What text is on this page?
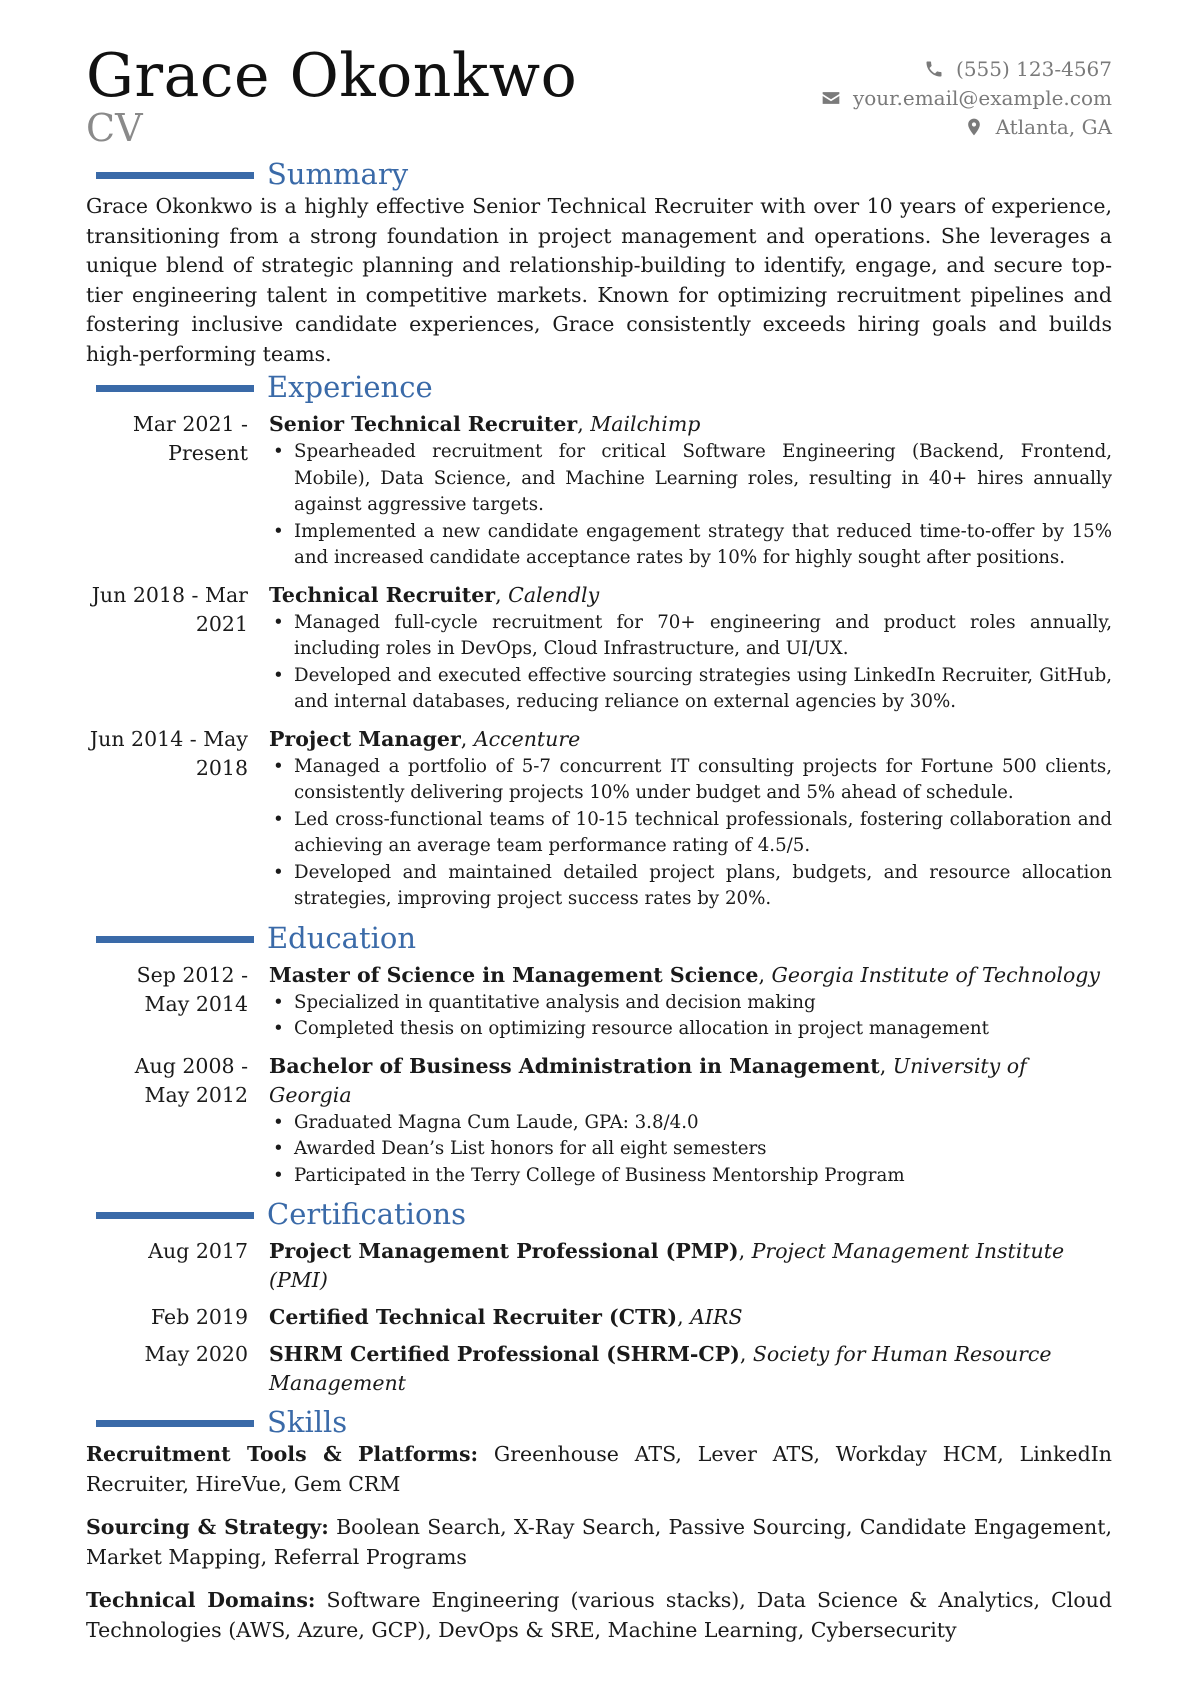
Grace Okonkwo
CV
(555) 123-4567
your.email@example.com
Atlanta, GA
Summary

Grace Okonkwo is a highly effective Senior Technical Recruiter with over 10 years of experience, transitioning from a strong foundation in project management and operations. She leverages a unique blend of strategic planning and relationship-building to identify, engage, and secure top-tier engineering talent in competitive markets. Known for optimizing recruitment pipelines and fostering inclusive candidate experiences, Grace consistently exceeds hiring goals and builds high-performing teams.

Experience
Mar 2021 - Present
Senior Technical Recruiter, Mailchimp
• Spearheaded recruitment for critical Software Engineering (Backend, Frontend, Mobile), Data Science, and Machine Learning roles, resulting in 40+ hires annually against aggressive targets.
• Implemented a new candidate engagement strategy that reduced time-to-offer by 15% and increased candidate acceptance rates by 10% for highly sought after positions.
Jun 2018 - Mar 2021
Technical Recruiter, Calendly
• Managed full-cycle recruitment for 70+ engineering and product roles annually, including roles in DevOps, Cloud Infrastructure, and UI/UX.
• Developed and executed effective sourcing strategies using LinkedIn Recruiter, GitHub, and internal databases, reducing reliance on external agencies by 30%.
Jun 2014 - May 2018
Project Manager, Accenture
• Managed a portfolio of 5-7 concurrent IT consulting projects for Fortune 500 clients, consistently delivering projects 10% under budget and 5% ahead of schedule.
• Led cross-functional teams of 10-15 technical professionals, fostering collaboration and achieving an average team performance rating of 4.5/5.
• Developed and maintained detailed project plans, budgets, and resource allocation strategies, improving project success rates by 20%.
Education
Sep 2012 - May 2014
Master of Science in Management Science, Georgia Institute of Technology
• Specialized in quantitative analysis and decision making
• Completed thesis on optimizing resource allocation in project management
Aug 2008 - May 2012
Bachelor of Business Administration in Management, University of Georgia
• Graduated Magna Cum Laude, GPA: 3.8/4.0
• Awarded Dean’s List honors for all eight semesters
• Participated in the Terry College of Business Mentorship Program
Certifications
Aug 2017	Project Management Professional (PMP), Project Management Institute (PMI)
Feb 2019	Certified Technical Recruiter (CTR), AIRS
May 2020	SHRM Certified Professional (SHRM-CP), Society for Human Resource Management
Skills

Recruitment Tools & Platforms: Greenhouse ATS, Lever ATS, Workday HCM, LinkedIn Recruiter, HireVue, Gem CRM

Sourcing & Strategy: Boolean Search, X-Ray Search, Passive Sourcing, Candidate Engagement, Market Mapping, Referral Programs

Technical Domains: Software Engineering (various stacks), Data Science & Analytics, Cloud Technologies (AWS, Azure, GCP), DevOps & SRE, Machine Learning, Cybersecurity
